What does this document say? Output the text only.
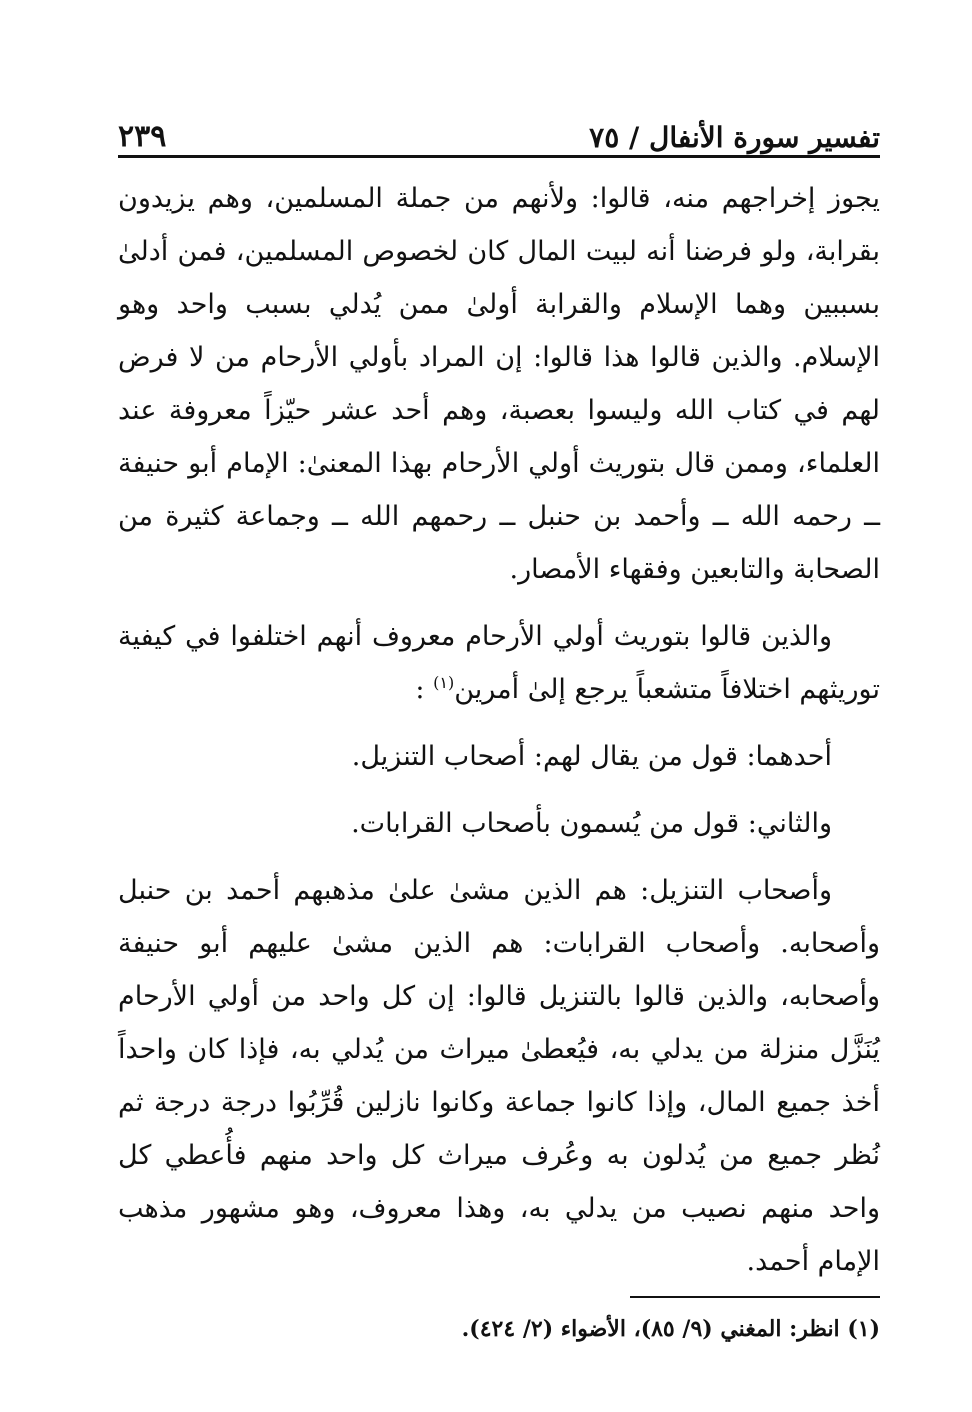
تفسير سورة الأنفال / ٧٥
٢٣٩

يجوز إخراجهم منه، قالوا: ولأنهم من جملة المسلمين، وهم يزيدون بقرابة، ولو فرضنا أنه لبيت المال كان لخصوص المسلمين، فمن أدلىٰ بسببين وهما الإسلام والقرابة أولىٰ ممن يُدلي بسبب واحد وهو الإسلام. والذين قالوا هذا قالوا: إن المراد بأولي الأرحام من لا فرض لهم في كتاب الله وليسوا بعصبة، وهم أحد عشر حيّزاً معروفة عند العلماء، وممن قال بتوريث أولي الأرحام بهذا المعنىٰ: الإمام أبو حنيفة ــ رحمه الله ــ وأحمد بن حنبل ــ رحمهم الله ــ وجماعة كثيرة من الصحابة والتابعين وفقهاء الأمصار.

والذين قالوا بتوريث أولي الأرحام معروف أنهم اختلفوا في كيفية توريثهم اختلافاً متشعباً يرجع إلىٰ أمرين$^{(١)}$ :

أحدهما: قول من يقال لهم: أصحاب التنزيل.

والثاني: قول من يُسمون بأصحاب القرابات.

وأصحاب التنزيل: هم الذين مشىٰ علىٰ مذهبهم أحمد بن حنبل وأصحابه. وأصحاب القرابات: هم الذين مشىٰ عليهم أبو حنيفة وأصحابه، والذين قالوا بالتنزيل قالوا: إن كل واحد من أولي الأرحام يُنَزَّل منزلة من يدلي به، فيُعطىٰ ميراث من يُدلي به، فإذا كان واحداً أخذ جميع المال، وإذا كانوا جماعة وكانوا نازلين قُرِّبُوا درجة درجة ثم نُظر جميع من يُدلون به وعُرف ميراث كل واحد منهم فأُعطي كل واحد منهم نصيب من يدلي به، وهذا معروف، وهو مشهور مذهب الإمام أحمد.

(١) انظر: المغني (٩/ ٨٥)، الأضواء (٢/ ٤٢٤).
